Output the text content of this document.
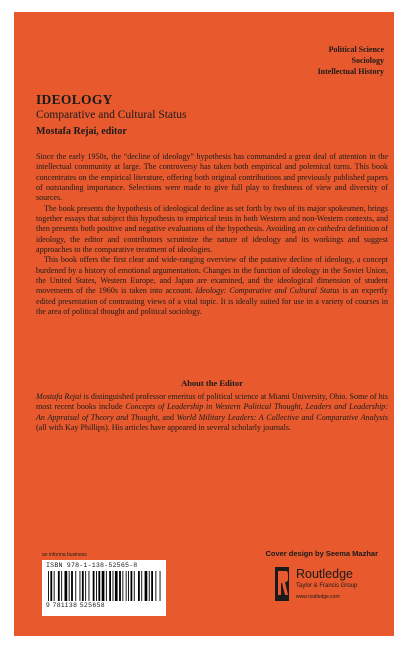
Political Science
Sociology
Intellectual History
IDEOLOGY
Comparative and Cultural Status
Mostafa Rejai, editor

Since the early 1950s, the “decline of ideology” hypothesis has commanded a great deal of attention in the intellectual community at large. The controversy has taken both empirical and polemical turns. This book concentrates on the empirical literature, offering both original contributions and previously published papers of outstanding importance. Selections were made to give full play to freshness of view and diversity of sources.

The book presents the hypothesis of ideological decline as set forth by two of its major spokesmen, brings together essays that subject this hypothesis to empirical tests in both Western and non-Western contexts, and then presents both positive and negative evaluations of the hypothesis. Avoiding an ex cathedra definition of ideology, the editor and contributors scrutinize the nature of ideology and its workings and suggest approaches to the comparative treatment of ideologies.

This book offers the first clear and wide-ranging overview of the putative decline of ideology, a concept burdened by a history of emotional argumentation. Changes in the function of ideology in the Soviet Union, the United States, Western Europe, and Japan are examined, and the ideological dimension of student movements of the 1960s is taken into account. Ideology: Comparative and Cultural Status is an expertly edited presentation of contrasting views of a vital topic. It is ideally suited for use in a variety of courses in the area of political thought and political sociology.

About the Editor

Mostafa Rejai is distinguished professor emeritus of political science at Miami University, Ohio. Some of his most recent books include Concepts of Leadership in Western Political Thought, Leaders and Leadership: An Appraisal of Theory and Thought, and World Military Leaders: A Collective and Comparative Analysis (all with Kay Phillips). His articles have appeared in several scholarly journals.

Cover design by Seema Mazhar
an informa business
ISBN 978-1-138-52565-8
9 781138 525658
Routledge
Taylor & Francis Group
www.routledge.com
